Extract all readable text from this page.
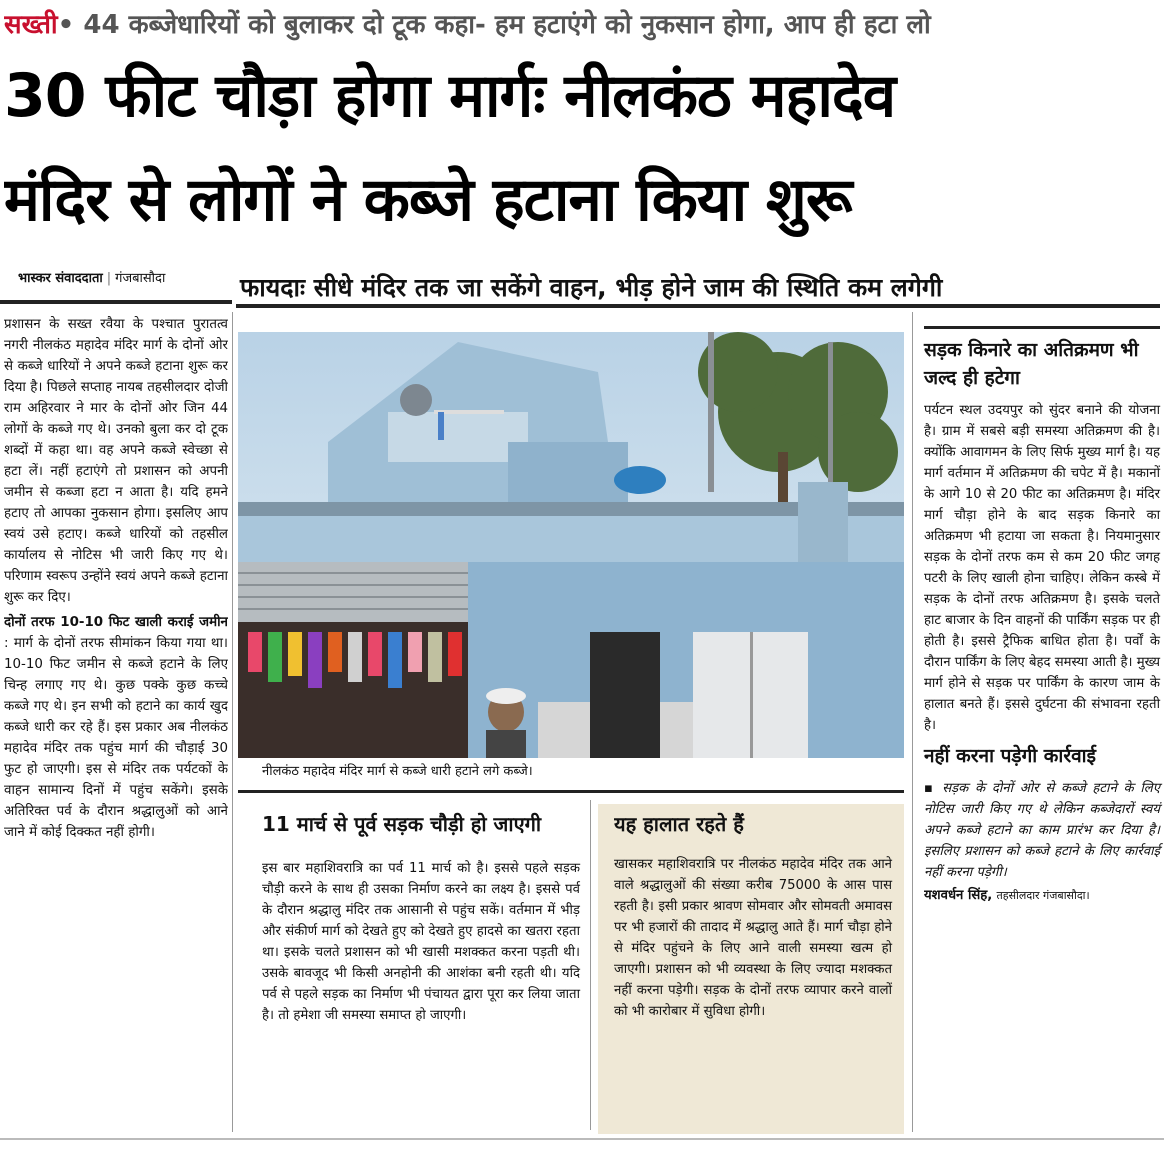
सख्ती• 44 कब्जेधारियों को बुलाकर दो टूक कहा- हम हटाएंगे को नुकसान होगा, आप ही हटा लो
30 फीट चौड़ा होगा मार्गः नीलकंठ महादेव
मंदिर से लोगों ने कब्जे हटाना किया शुरू
भास्कर संवाददाता | गंजबासौदा	फायदाः सीधे मंदिर तक जा सकेंगे वाहन, भीड़ होने जाम की स्थिति कम लगेगी

प्रशासन के सख्त रवैया के पश्चात पुरातत्व नगरी नीलकंठ महादेव मंदिर मार्ग के दोनों ओर से कब्जे धारियों ने अपने कब्जे हटाना शुरू कर दिया है। पिछले सप्ताह नायब तहसीलदार दोजी राम अहिरवार ने मार के दोनों ओर जिन 44 लोगों के कब्जे गए थे। उनको बुला कर दो टूक शब्दों में कहा था। वह अपने कब्जे स्वेच्छा से हटा लें। नहीं हटाएंगे तो प्रशासन को अपनी जमीन से कब्जा हटा न आता है। यदि हमने हटाए तो आपका नुकसान होगा। इसलिए आप स्वयं उसे हटाए। कब्जे धारियों को तहसील कार्यालय से नोटिस भी जारी किए गए थे। परिणाम स्वरूप उन्होंने स्वयं अपने कब्जे हटाना शुरू कर दिए।

दोनों तरफ 10-10 फिट खाली कराई जमीन : मार्ग के दोनों तरफ सीमांकन किया गया था। 10-10 फिट जमीन से कब्जे हटाने के लिए चिन्ह लगाए गए थे। कुछ पक्के कुछ कच्चे कब्जे गए थे। इन सभी को हटाने का कार्य खुद कब्जे धारी कर रहे हैं। इस प्रकार अब नीलकंठ महादेव मंदिर तक पहुंच मार्ग की चौड़ाई 30 फुट हो जाएगी। इस से मंदिर तक पर्यटकों के वाहन सामान्य दिनों में पहुंच सकेंगे। इसके अतिरिक्त पर्व के दौरान श्रद्धालुओं को आने जाने में कोई दिक्कत नहीं होगी।

नीलकंठ महादेव मंदिर मार्ग से कब्जे धारी हटाने लगे कब्जे।
11 मार्च से पूर्व सड़क चौड़ी हो जाएगी

इस बार महाशिवरात्रि का पर्व 11 मार्च को है। इससे पहले सड़क चौड़ी करने के साथ ही उसका निर्माण करने का लक्ष्य है। इससे पर्व के दौरान श्रद्धालु मंदिर तक आसानी से पहुंच सकें। वर्तमान में भीड़ और संकीर्ण मार्ग को देखते हुए को देखते हुए हादसे का खतरा रहता था। इसके चलते प्रशासन को भी खासी मशक्कत करना पड़ती थी। उसके बावजूद भी किसी अनहोनी की आशंका बनी रहती थी। यदि पर्व से पहले सड़क का निर्माण भी पंचायत द्वारा पूरा कर लिया जाता है। तो हमेशा जी समस्या समाप्त हो जाएगी।

यह हालात रहते हैं

खासकर महाशिवरात्रि पर नीलकंठ महादेव मंदिर तक आने वाले श्रद्धालुओं की संख्या करीब 75000 के आस पास रहती है। इसी प्रकार श्रावण सोमवार और सोमवती अमावस पर भी हजारों की तादाद में श्रद्धालु आते हैं। मार्ग चौड़ा होने से मंदिर पहुंचने के लिए आने वाली समस्या खत्म हो जाएगी। प्रशासन को भी व्यवस्था के लिए ज्यादा मशक्कत नहीं करना पड़ेगी। सड़क के दोनों तरफ व्यापार करने वालों को भी कारोबार में सुविधा होगी।

सड़क किनारे का अतिक्रमण भी जल्द ही हटेगा

पर्यटन स्थल उदयपुर को सुंदर बनाने की योजना है। ग्राम में सबसे बड़ी समस्या अतिक्रमण की है। क्योंकि आवागमन के लिए सिर्फ मुख्य मार्ग है। यह मार्ग वर्तमान में अतिक्रमण की चपेट में है। मकानों के आगे 10 से 20 फीट का अतिक्रमण है। मंदिर मार्ग चौड़ा होने के बाद सड़क किनारे का अतिक्रमण भी हटाया जा सकता है। नियमानुसार सड़क के दोनों तरफ कम से कम 20 फीट जगह पटरी के लिए खाली होना चाहिए। लेकिन कस्बे में सड़क के दोनों तरफ अतिक्रमण है। इसके चलते हाट बाजार के दिन वाहनों की पार्किंग सड़क पर ही होती है। इससे ट्रैफिक बाधित होता है। पर्वों के दौरान पार्किंग के लिए बेहद समस्या आती है। मुख्य मार्ग होने से सड़क पर पार्किंग के कारण जाम के हालात बनते हैं। इससे दुर्घटना की संभावना रहती है।

नहीं करना पड़ेगी कार्रवाई

▪ सड़क के दोनों ओर से कब्जे हटाने के लिए नोटिस जारी किए गए थे लेकिन कब्जेदारों स्वयं अपने कब्जे हटाने का काम प्रारंभ कर दिया है। इसलिए प्रशासन को कब्जे हटाने के लिए कार्रवाई नहीं करना पड़ेगी।

यशवर्धन सिंह, तहसीलदार गंजबासौदा।
